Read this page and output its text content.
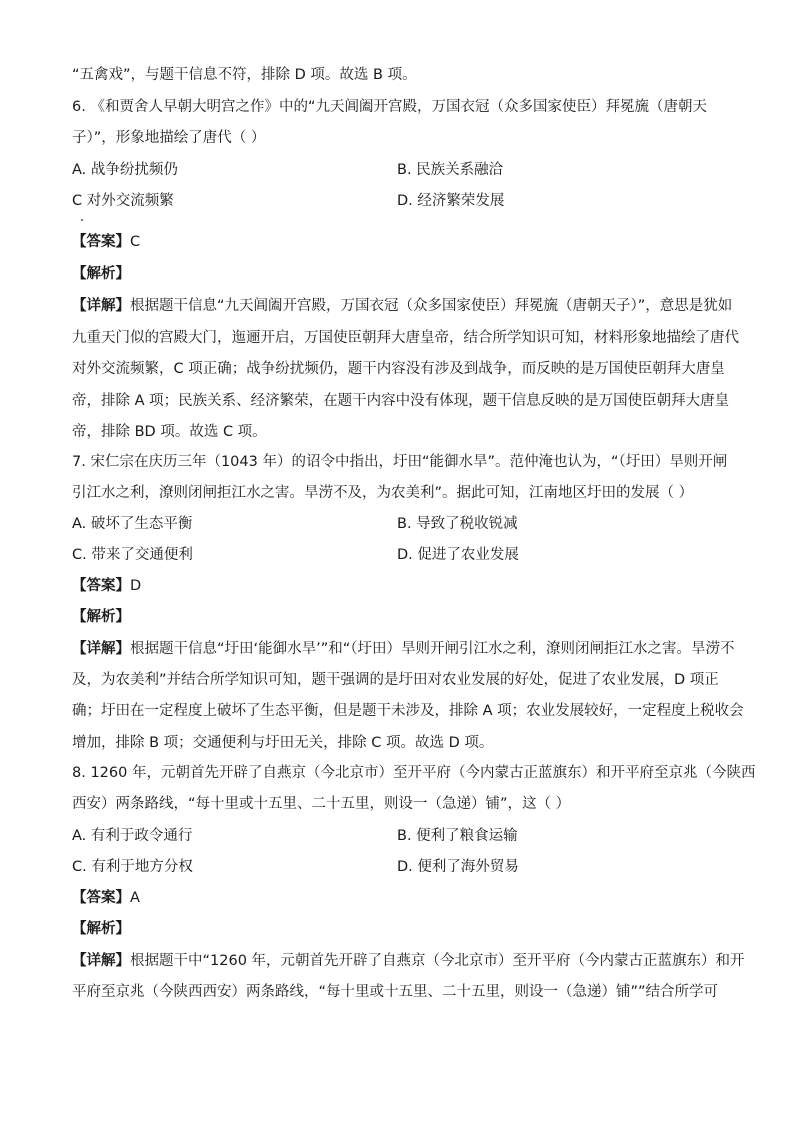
“五禽戏”，与题干信息不符，排除 D 项。故选 B 项。
6. 《和贾舍人早朝大明宫之作》中的“九天阊阖开宫殿，万国衣冠（众多国家使臣）拜冕旒（唐朝天
子）”，形象地描绘了唐代（ ）
A. 战争纷扰频仍	B. 民族关系融洽
C 对外交流频繁	D. 经济繁荣发展
【答案】C
【解析】
【详解】根据题干信息“九天阊阖开宫殿，万国衣冠（众多国家使臣）拜冕旒（唐朝天子）”，意思是犹如
九重天门似的宫殿大门，迤逦开启，万国使臣朝拜大唐皇帝，结合所学知识可知，材料形象地描绘了唐代
对外交流频繁，C 项正确；战争纷扰频仍，题干内容没有涉及到战争，而反映的是万国使臣朝拜大唐皇
帝，排除 A 项；民族关系、经济繁荣，在题干内容中没有体现，题干信息反映的是万国使臣朝拜大唐皇
帝，排除 BD 项。故选 C 项。
7. 宋仁宗在庆历三年（1043 年）的诏令中指出，圩田“能御水旱”。范仲淹也认为，“（圩田）旱则开闸
引江水之利，潦则闭闸拒江水之害。旱涝不及，为农美利”。据此可知，江南地区圩田的发展（ ）
A. 破坏了生态平衡	B. 导致了税收锐减
C. 带来了交通便利	D. 促进了农业发展
【答案】D
【解析】
【详解】根据题干信息“圩田‘能御水旱’”和“（圩田）旱则开闸引江水之利，潦则闭闸拒江水之害。旱涝不
及，为农美利”并结合所学知识可知，题干强调的是圩田对农业发展的好处，促进了农业发展，D 项正
确；圩田在一定程度上破坏了生态平衡，但是题干未涉及，排除 A 项；农业发展较好，一定程度上税收会
增加，排除 B 项；交通便利与圩田无关，排除 C 项。故选 D 项。
8. 1260 年，元朝首先开辟了自燕京（今北京市）至开平府（今内蒙古正蓝旗东）和开平府至京兆（今陕西
西安）两条路线，“每十里或十五里、二十五里，则设一（急递）铺”，这（ ）
A. 有利于政令通行	B. 便利了粮食运输
C. 有利于地方分权	D. 便利了海外贸易
【答案】A
【解析】
【详解】根据题干中“1260 年，元朝首先开辟了自燕京（今北京市）至开平府（今内蒙古正蓝旗东）和开
平府至京兆（今陕西西安）两条路线，“每十里或十五里、二十五里，则设一（急递）铺””结合所学可
